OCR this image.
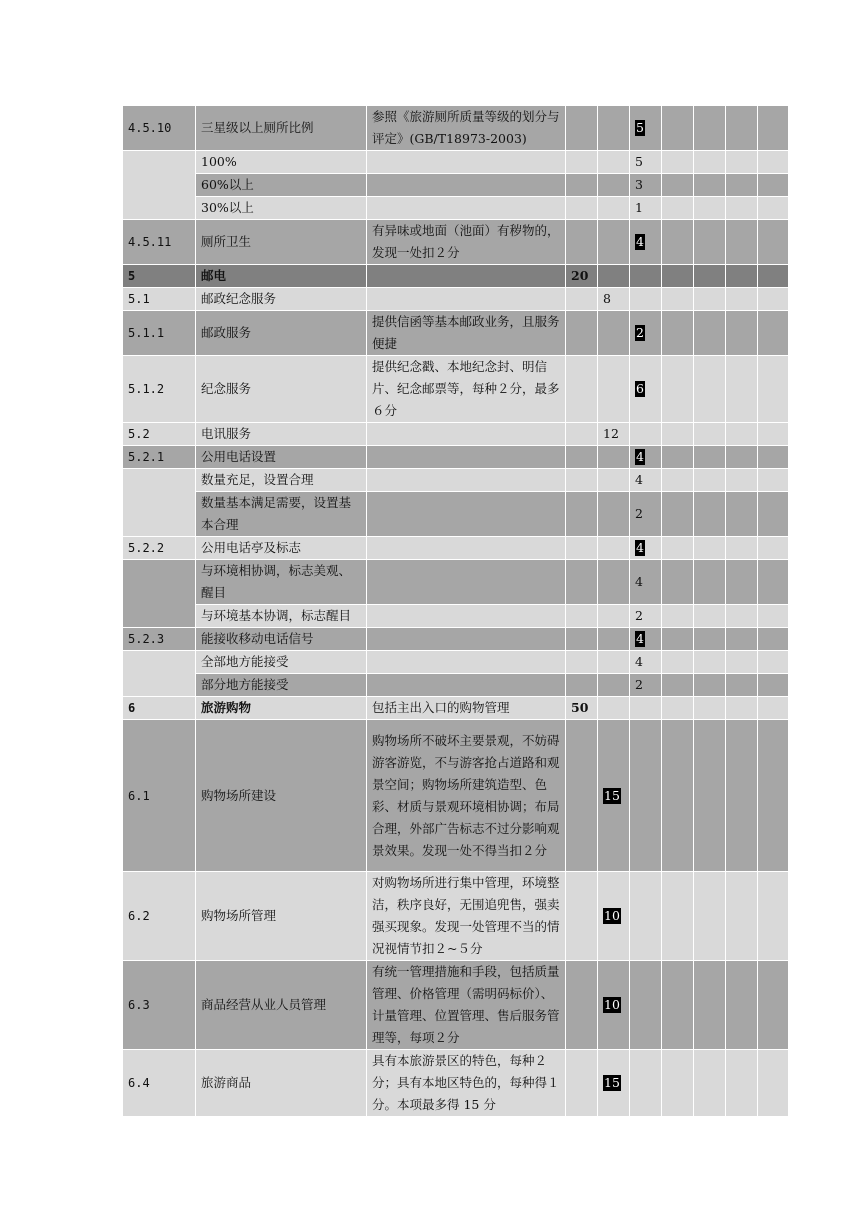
4.5.10	三星级以上厕所比例	参照《旅游厕所质量等级的划分与评定》(GB/T18973-2003)			5				
	100%				5				
	60%以上				3				
	30%以上				1				
4.5.11	厕所卫生	有异味或地面（池面）有秽物的，发现一处扣２分			4				
5	邮电		20						
5.1	邮政纪念服务			8					
5.1.1	邮政服务	提供信函等基本邮政业务，且服务便捷			2				
5.1.2	纪念服务	提供纪念戳、本地纪念封、明信片、纪念邮票等，每种２分，最多６分			6				
5.2	电讯服务			12					
5.2.1	公用电话设置				4				
	数量充足，设置合理				4				
	数量基本满足需要，设置基本合理				2				
5.2.2	公用电话亭及标志				4				
	与环境相协调，标志美观、醒目				4				
	与环境基本协调，标志醒目				2				
5.2.3	能接收移动电话信号				4				
	全部地方能接受				4				
	部分地方能接受				2				
6	旅游购物	包括主出入口的购物管理	50						
6.1	购物场所建设	购物场所不破坏主要景观，不妨碍游客游览，不与游客抢占道路和观景空间；购物场所建筑造型、色彩、材质与景观环境相协调；布局合理，外部广告标志不过分影响观景效果。发现一处不得当扣２分		15					
6.2	购物场所管理	对购物场所进行集中管理，环境整洁，秩序良好，无围追兜售，强卖强买现象。发现一处管理不当的情况视情节扣２~５分		10					
6.3	商品经营从业人员管理	有统一管理措施和手段，包括质量管理、价格管理（需明码标价）、计量管理、位置管理、售后服务管理等，每项２分		10					
6.4	旅游商品	具有本旅游景区的特色，每种２分；具有本地区特色的，每种得１分。本项最多得 15 分		15					
